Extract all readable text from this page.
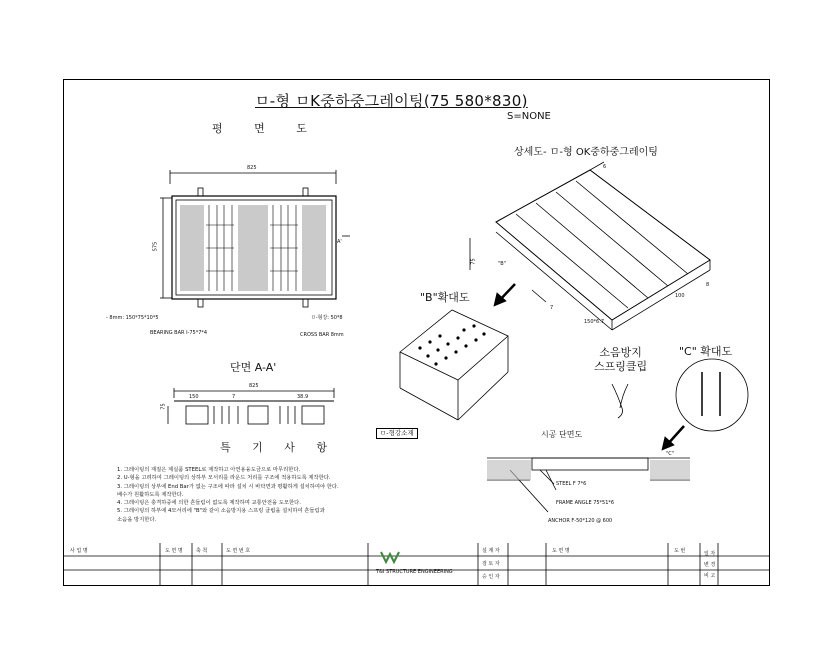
ㅁ-형 ㅁK중하중그레이팅(75 580*830)
S=NONE
평 면 도
상세도- ㅁ-형 OK중하중그레이팅
"B"확대도
"C" 확대도
소음방지
스프링클립
단면 A-A'
특 기 사 항
ㅁ-형강소재	시공 단면도
825
575	A'
- 8mm: 150*75*10*5
BEARING BAR Ⅰ-75*7*4
ㅁ-형강: 50*8
CROSS BAR 8mm
825
150	7	38.9
75
6
75	"B"
7
100
8
150*6.7
"C"
STEEL F 7*6
FRAME ANGLE 75*51*6
ANCHOR F-50*120 @ 600
1. 그레이팅의 재질은 제실품 STEEL로 제작하고 아연용융도금으로 마무리한다.
2. U-형을 고려하여 그레이팅의 상하부 모서리를 라운드 처리를 구조에 적용하도록 제작한다.
3. 그레이팅의 상부에 End Bar가 없는 구조에 따라 설치 시 바닥면과 평활하게 설치하여야 한다.
배수가 원활하도록 제작한다.
4. 그레이팅은 충격하중에 의한 흔들림이 없도록 제작하며 교통안전을 도모한다.
5. 그레이팅의 하부에 4모서리에 "B"와 같이 소음방지용 스프링 클립을 설치하여 흔들림과
소음을 방지한다.
사 업 명	도 면 명	축 척	도 면 번 호
T&I STRUCTURE ENGINEERING
설 계 자
검 토 자
승 인 자
도 면 명	도 번	일 자
변 경
비 고
